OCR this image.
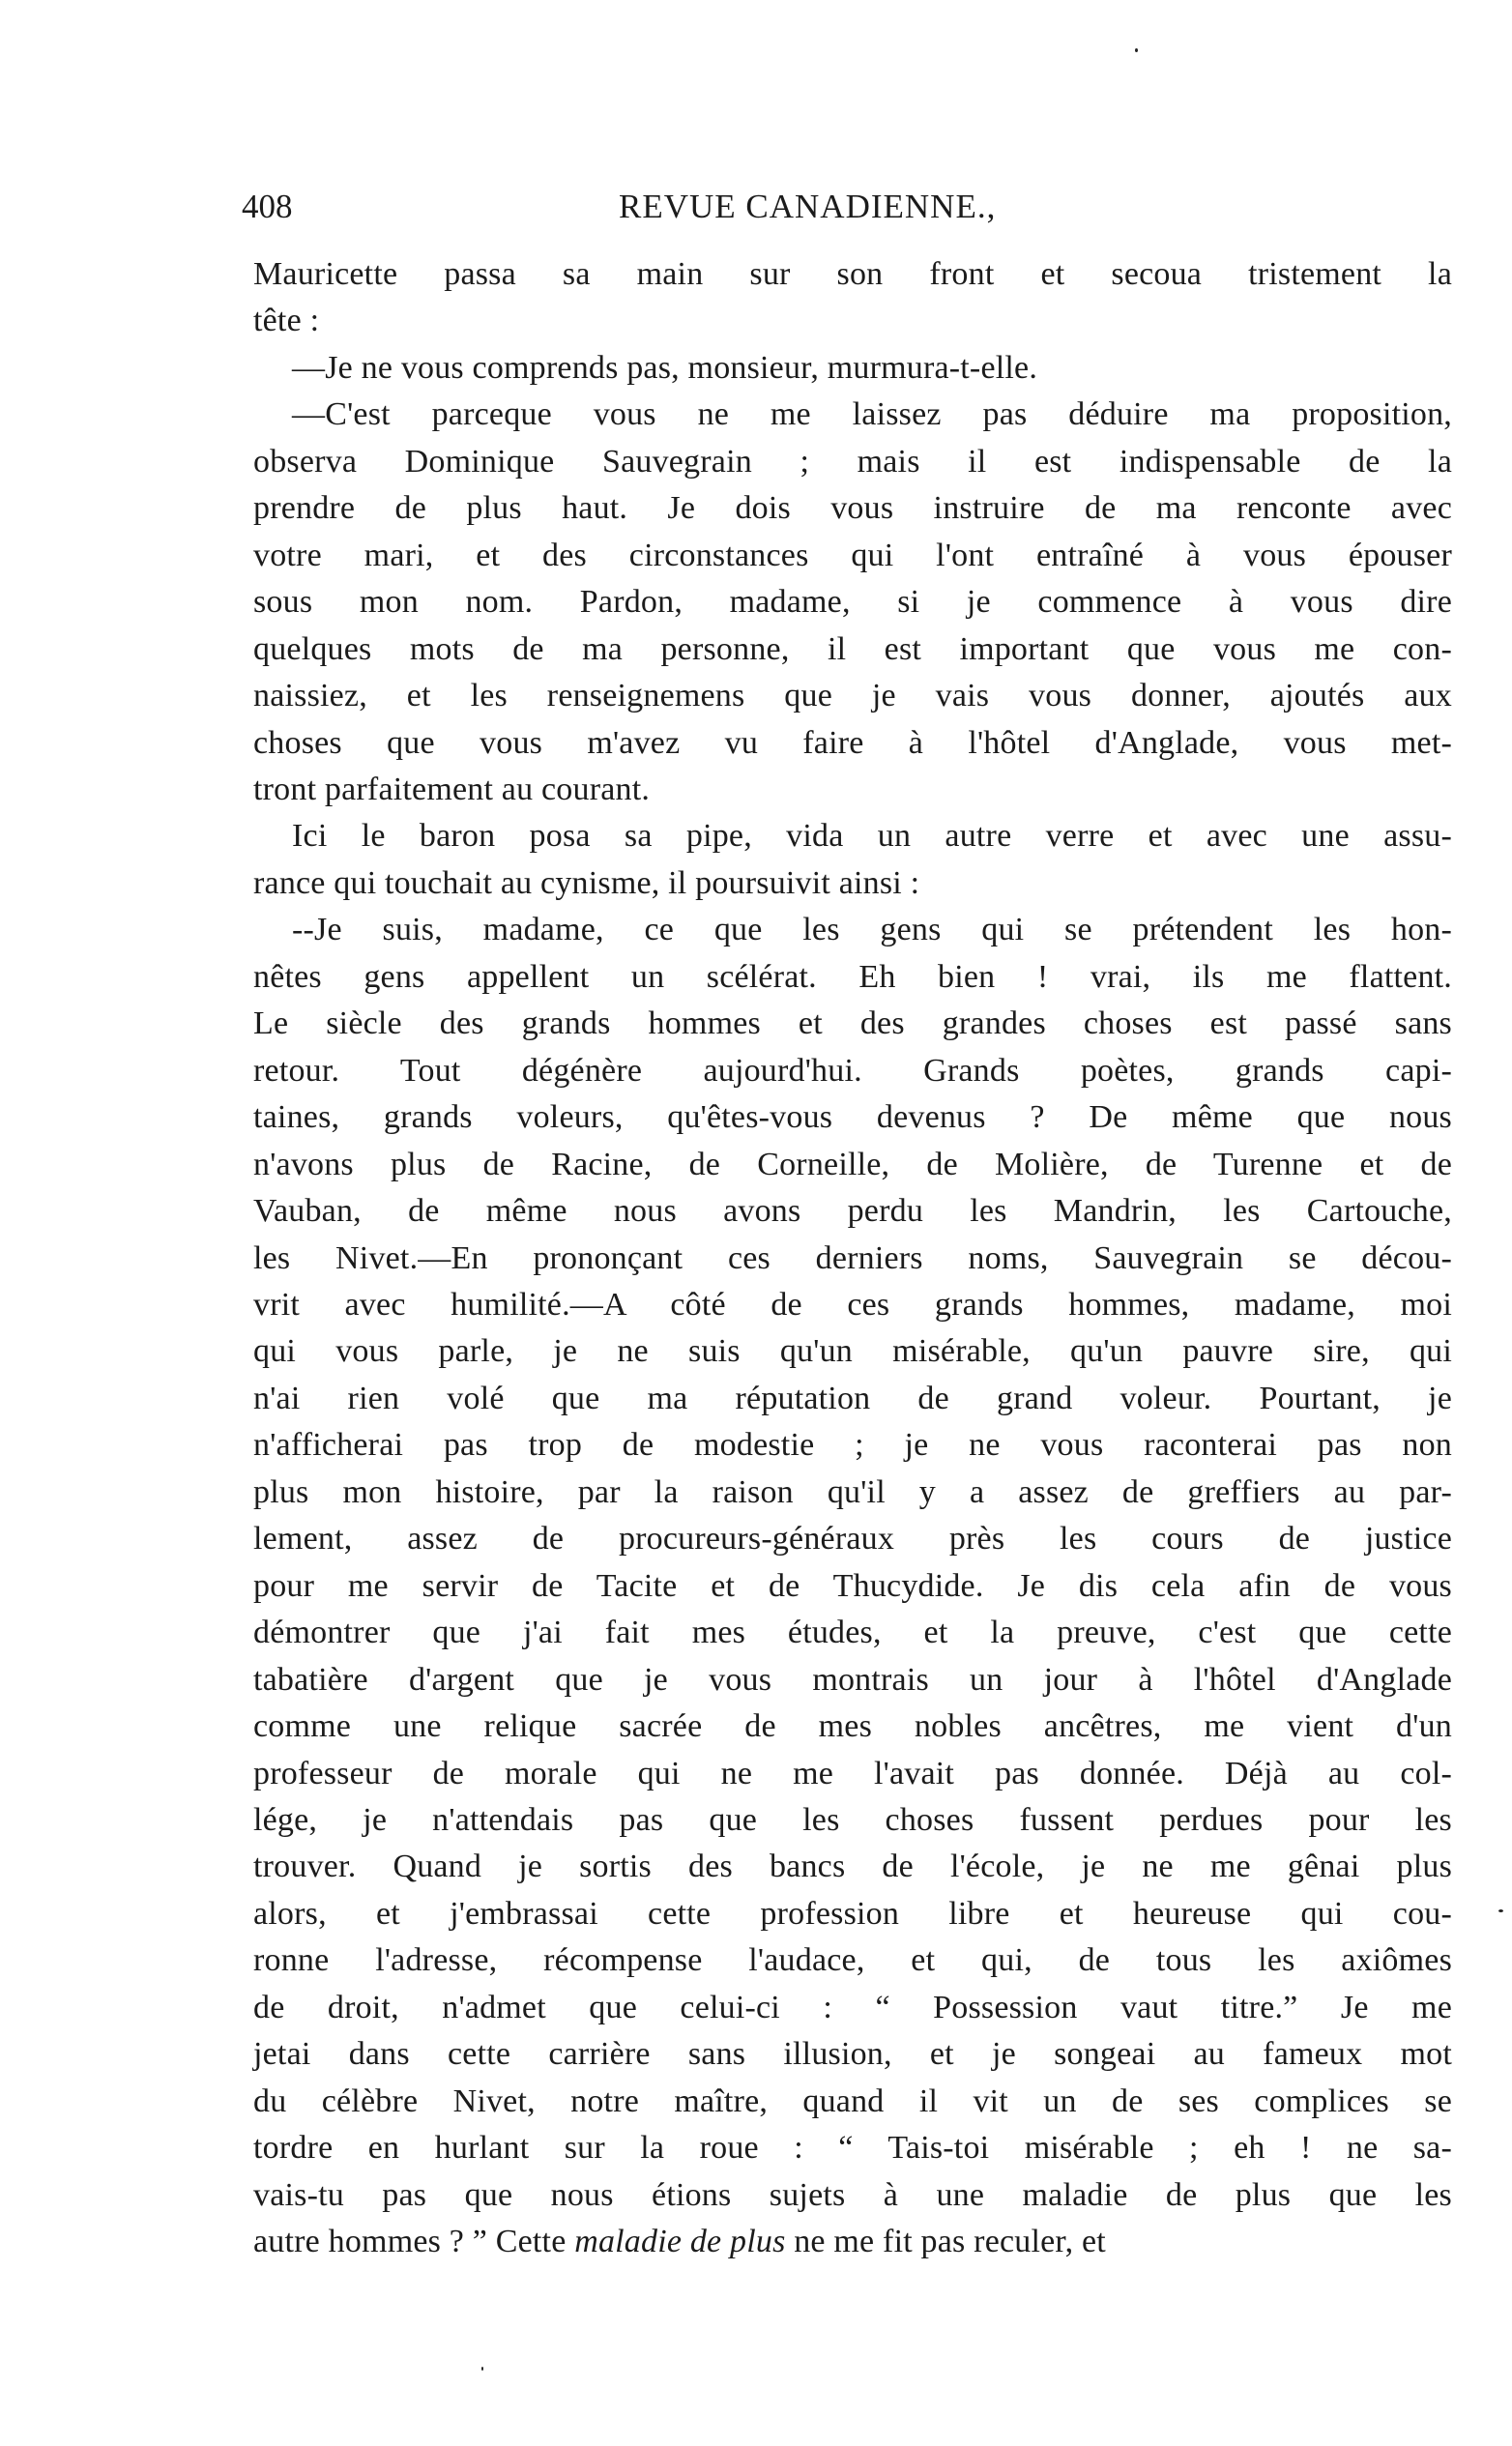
408	REVUE CANADIENNE.,
Mauricette passa sa main sur son front et secoua tristement la
tête :
—Je ne vous comprends pas, monsieur, murmura-t-elle.
—C'est parceque vous ne me laissez pas déduire ma proposition,
observa Dominique Sauvegrain ; mais il est indispensable de la
prendre de plus haut. Je dois vous instruire de ma renconte avec
votre mari, et des circonstances qui l'ont entraîné à vous épouser
sous mon nom. Pardon, madame, si je commence à vous dire
quelques mots de ma personne, il est important que vous me con-
naissiez, et les renseignemens que je vais vous donner, ajoutés aux
choses que vous m'avez vu faire à l'hôtel d'Anglade, vous met-
tront parfaitement au courant.
Ici le baron posa sa pipe, vida un autre verre et avec une assu-
rance qui touchait au cynisme, il poursuivit ainsi :
--Je suis, madame, ce que les gens qui se prétendent les hon-
nêtes gens appellent un scélérat. Eh bien ! vrai, ils me flattent.
Le siècle des grands hommes et des grandes choses est passé sans
retour. Tout dégénère aujourd'hui. Grands poètes, grands capi-
taines, grands voleurs, qu'êtes-vous devenus ? De même que nous
n'avons plus de Racine, de Corneille, de Molière, de Turenne et de
Vauban, de même nous avons perdu les Mandrin, les Cartouche,
les Nivet.—En prononçant ces derniers noms, Sauvegrain se décou-
vrit avec humilité.—A côté de ces grands hommes, madame, moi
qui vous parle, je ne suis qu'un misérable, qu'un pauvre sire, qui
n'ai rien volé que ma réputation de grand voleur. Pourtant, je
n'afficherai pas trop de modestie ; je ne vous raconterai pas non
plus mon histoire, par la raison qu'il y a assez de greffiers au par-
lement, assez de procureurs-généraux près les cours de justice
pour me servir de Tacite et de Thucydide. Je dis cela afin de vous
démontrer que j'ai fait mes études, et la preuve, c'est que cette
tabatière d'argent que je vous montrais un jour à l'hôtel d'Anglade
comme une relique sacrée de mes nobles ancêtres, me vient d'un
professeur de morale qui ne me l'avait pas donnée. Déjà au col-
lége, je n'attendais pas que les choses fussent perdues pour les
trouver. Quand je sortis des bancs de l'école, je ne me gênai plus
alors, et j'embrassai cette profession libre et heureuse qui cou-
ronne l'adresse, récompense l'audace, et qui, de tous les axiômes
de droit, n'admet que celui-ci : “ Possession vaut titre.” Je me
jetai dans cette carrière sans illusion, et je songeai au fameux mot
du célèbre Nivet, notre maître, quand il vit un de ses complices se
tordre en hurlant sur la roue : “ Tais-toi misérable ; eh ! ne sa-
vais-tu pas que nous étions sujets à une maladie de plus que les
autre hommes ? ” Cette maladie de plus ne me fit pas reculer, et
